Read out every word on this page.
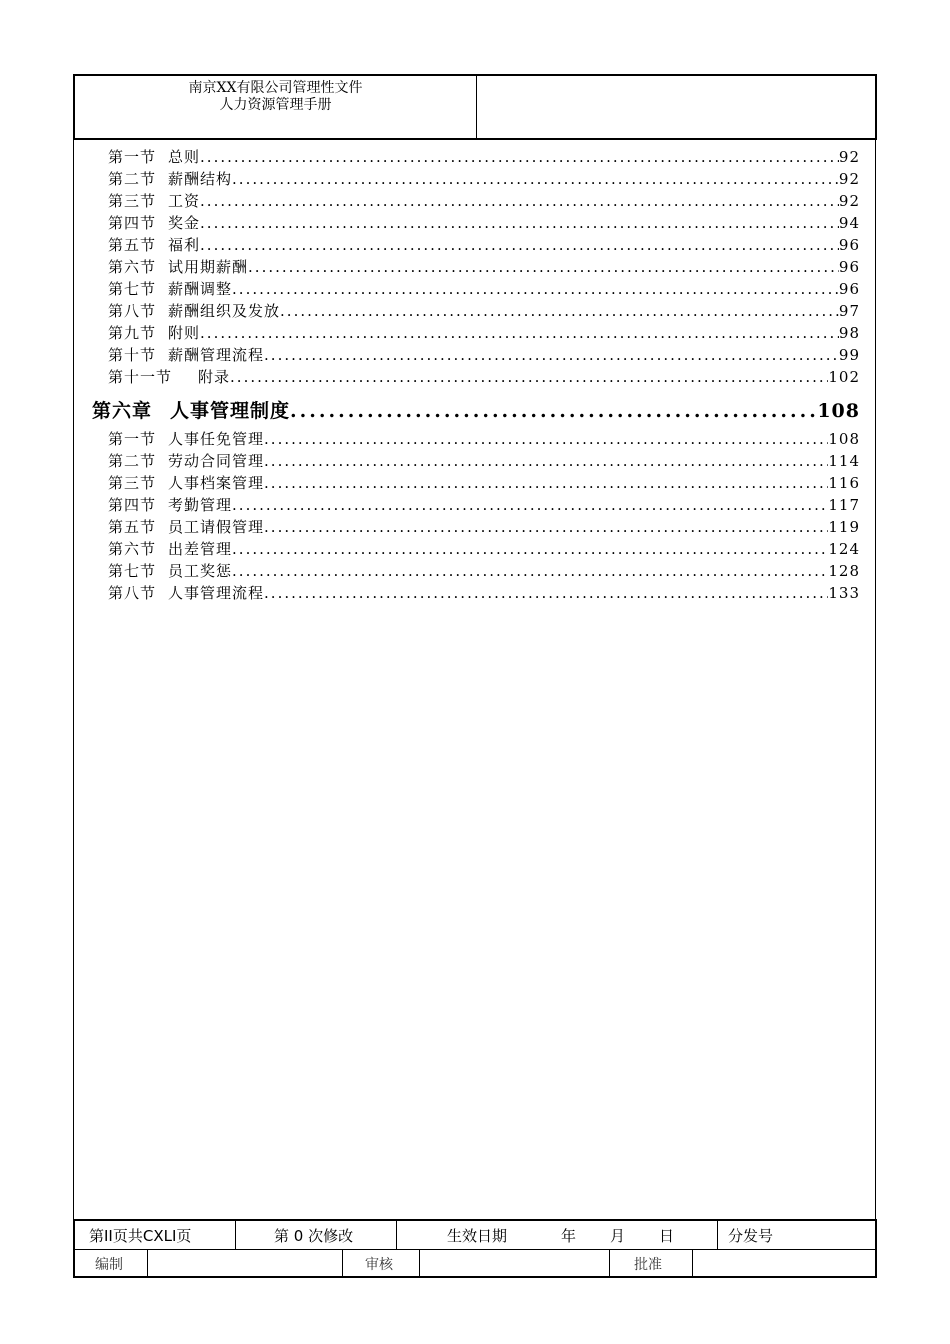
南京XX有限公司管理性文件
人力资源管理手册
第一节 总则 .....	92
第二节 薪酬结构 .....	92
第三节 工资 .....	92
第四节 奖金 .....	94
第五节 福利 .....	96
第六节 试用期薪酬 .....	96
第七节 薪酬调整 .....	96
第八节 薪酬组织及发放 .....	97
第九节 附则 .....	98
第十节 薪酬管理流程 .....	99
第十一节 附录 .....	102
第六章 人事管理制度 .....	108
第一节 人事任免管理 .....	108
第二节 劳动合同管理 .....	114
第三节 人事档案管理 .....	116
第四节 考勤管理 .....	117
第五节 员工请假管理 .....	119
第六节 出差管理 .....	124
第七节 员工奖惩 .....	128
第八节 人事管理流程 .....	133
第II页共CXLI页	第 0 次修改	生效日期	年 月 日	分发号
编制	审核	批准
